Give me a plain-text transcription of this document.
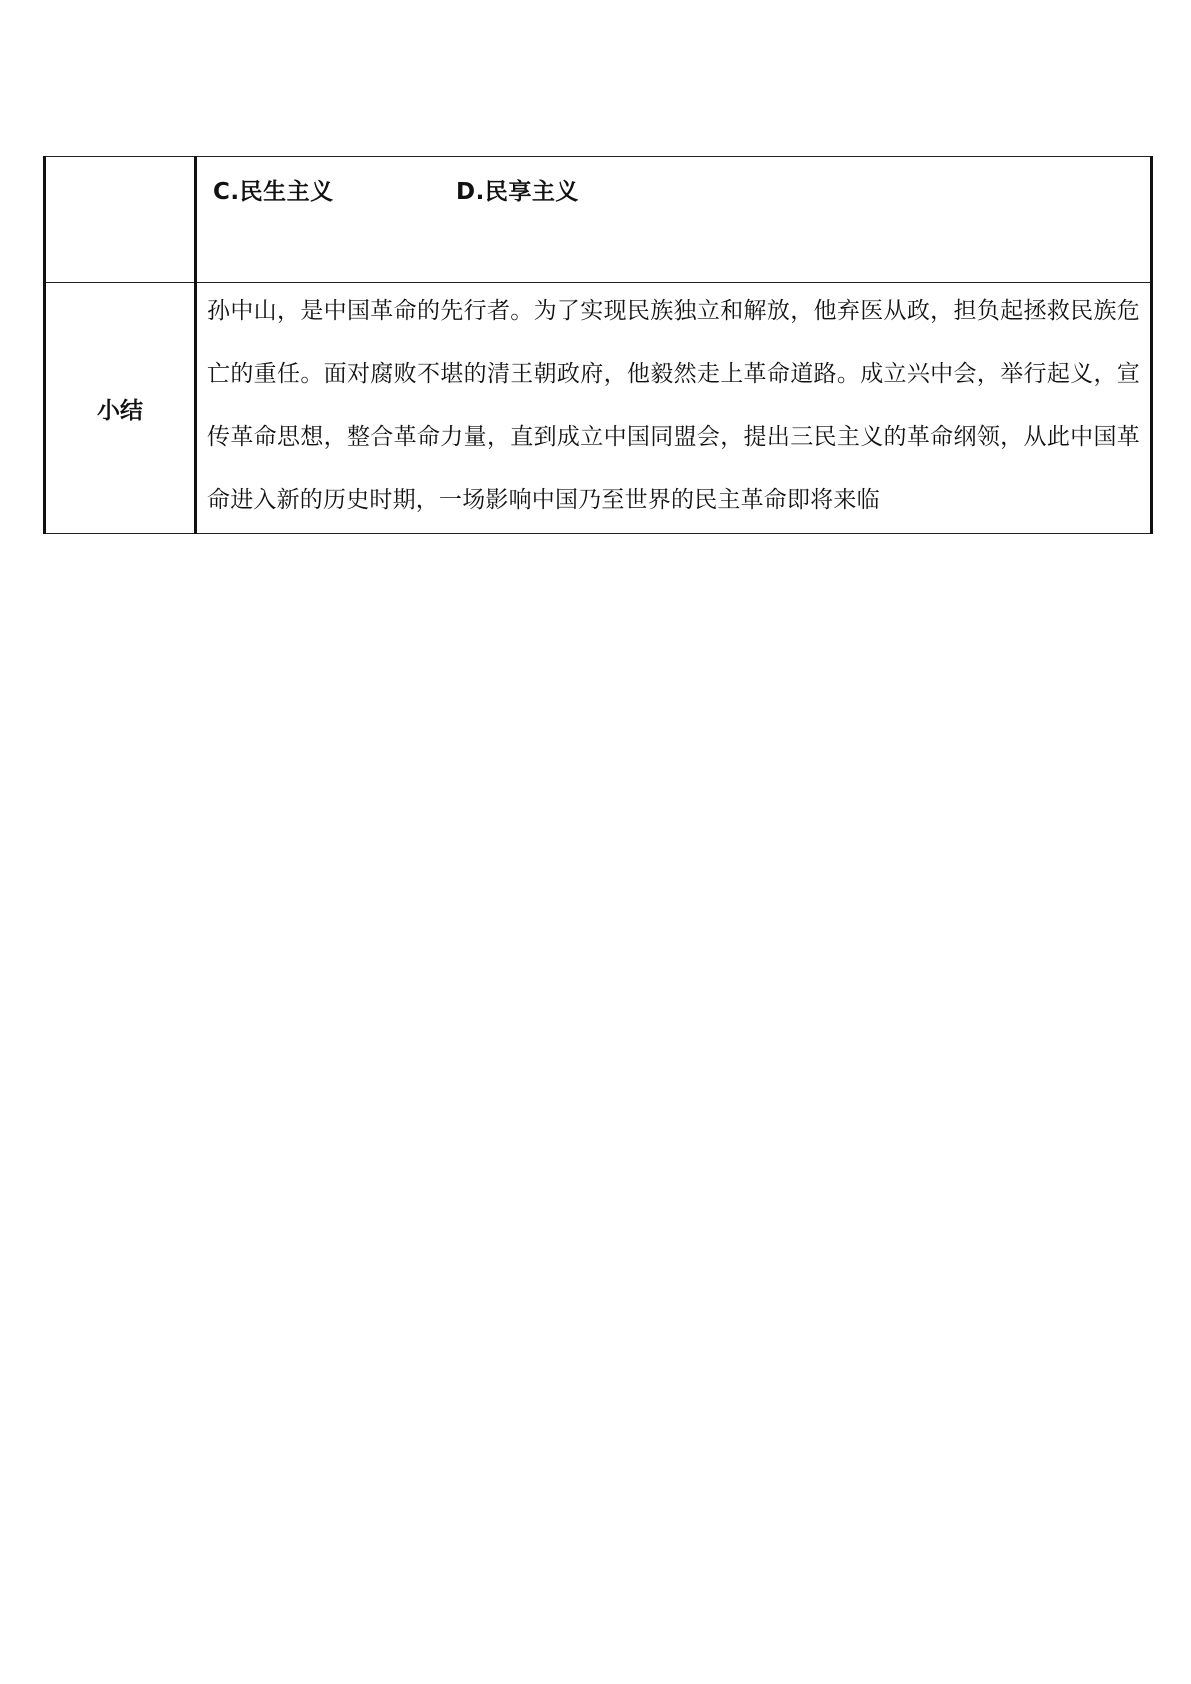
	C.民生主义 D.民享主义

小结	孙中山，是中国革命的先行者。为了实现民族独立和解放，他弃医从政，担负起拯救民族危亡的重任。面对腐败不堪的清王朝政府，他毅然走上革命道路。成立兴中会，举行起义，宣传革命思想，整合革命力量，直到成立中国同盟会，提出三民主义的革命纲领，从此中国革命进入新的历史时期，一场影响中国乃至世界的民主革命即将来临
